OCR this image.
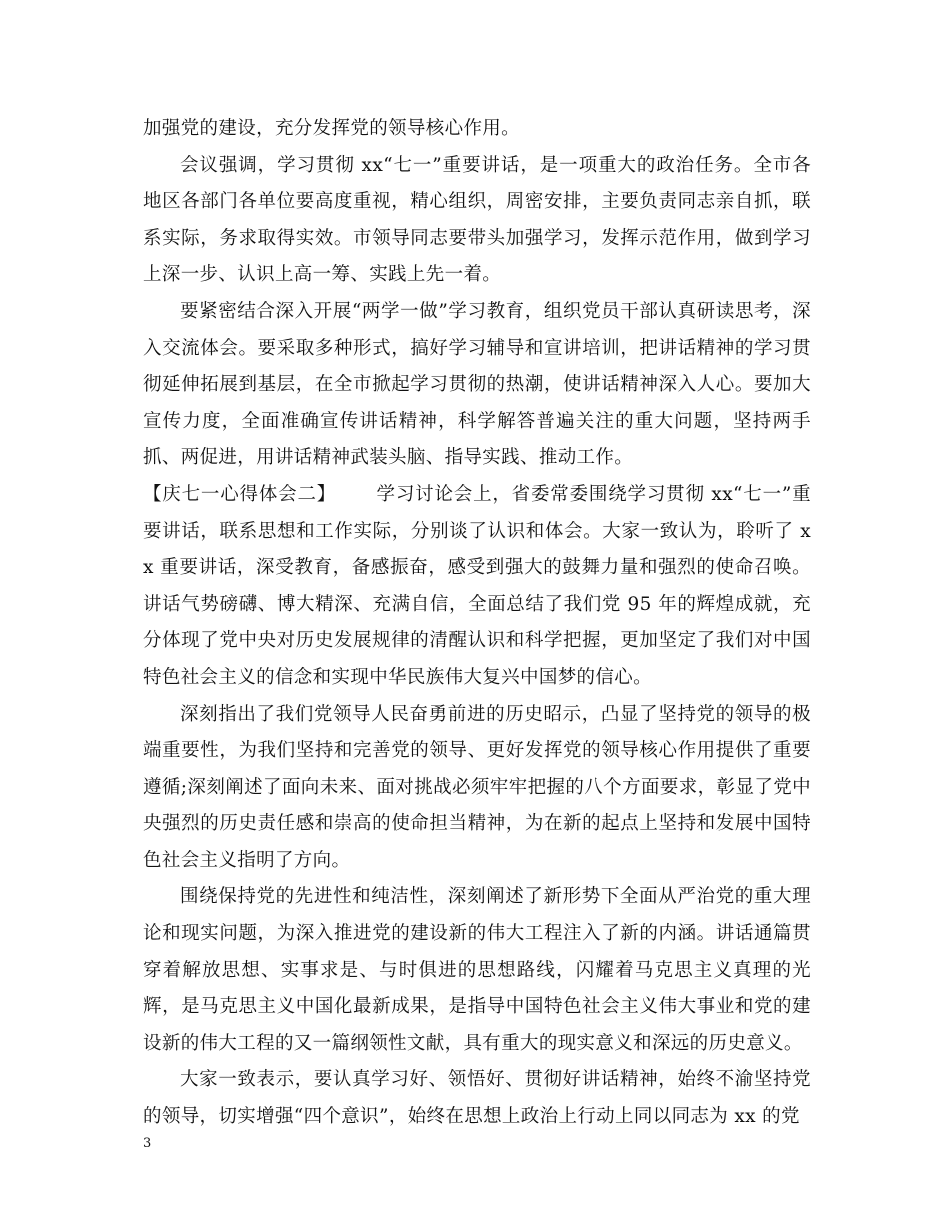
加强党的建设，充分发挥党的领导核心作用。

会议强调，学习贯彻 xx“七一”重要讲话，是一项重大的政治任务。全市各地区各部门各单位要高度重视，精心组织，周密安排，主要负责同志亲自抓，联系实际，务求取得实效。市领导同志要带头加强学习，发挥示范作用，做到学习上深一步、认识上高一筹、实践上先一着。

要紧密结合深入开展“两学一做”学习教育，组织党员干部认真研读思考，深入交流体会。要采取多种形式，搞好学习辅导和宣讲培训，把讲话精神的学习贯彻延伸拓展到基层，在全市掀起学习贯彻的热潮，使讲话精神深入人心。要加大宣传力度，全面准确宣传讲话精神，科学解答普遍关注的重大问题，坚持两手抓、两促进，用讲话精神武装头脑、指导实践、推动工作。

【庆七一心得体会二】 学习讨论会上，省委常委围绕学习贯彻 xx“七一”重要讲话，联系思想和工作实际，分别谈了认识和体会。大家一致认为，聆听了 xx 重要讲话，深受教育，备感振奋，感受到强大的鼓舞力量和强烈的使命召唤。讲话气势磅礴、博大精深、充满自信，全面总结了我们党 95 年的辉煌成就，充分体现了党中央对历史发展规律的清醒认识和科学把握，更加坚定了我们对中国特色社会主义的信念和实现中华民族伟大复兴中国梦的信心。

深刻指出了我们党领导人民奋勇前进的历史昭示，凸显了坚持党的领导的极端重要性，为我们坚持和完善党的领导、更好发挥党的领导核心作用提供了重要遵循;深刻阐述了面向未来、面对挑战必须牢牢把握的八个方面要求，彰显了党中央强烈的历史责任感和崇高的使命担当精神，为在新的起点上坚持和发展中国特色社会主义指明了方向。

围绕保持党的先进性和纯洁性，深刻阐述了新形势下全面从严治党的重大理论和现实问题，为深入推进党的建设新的伟大工程注入了新的内涵。讲话通篇贯穿着解放思想、实事求是、与时俱进的思想路线，闪耀着马克思主义真理的光辉，是马克思主义中国化最新成果，是指导中国特色社会主义伟大事业和党的建设新的伟大工程的又一篇纲领性文献，具有重大的现实意义和深远的历史意义。

大家一致表示，要认真学习好、领悟好、贯彻好讲话精神，始终不渝坚持党的领导，切实增强“四个意识”，始终在思想上政治上行动上同以同志为 xx 的党

3
